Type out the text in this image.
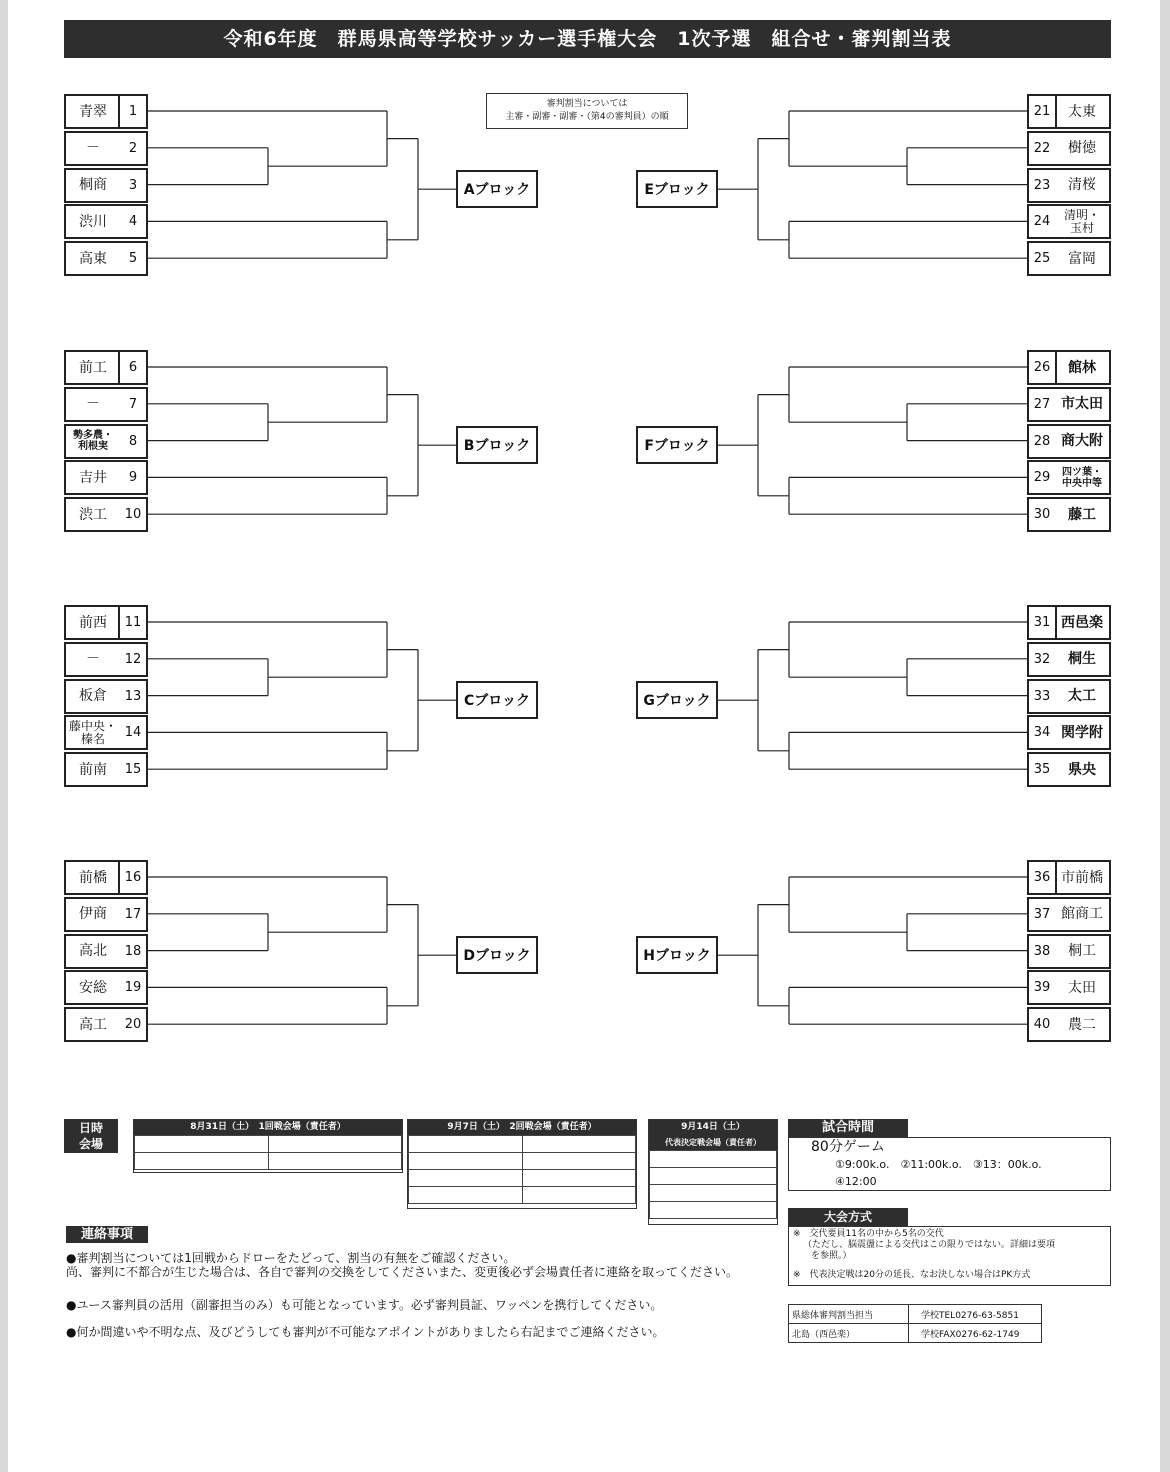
令和6年度　群馬県高等学校サッカー選手権大会　1次予選　組合せ・審判割当表
審判割当については
主審・副審・副審・（第4の審判員）の順
青翠	1	21	太東
－	2	22	樹徳
桐商	3	23	清桜
渋川	4	24	清明・
玉村
高東	5	25	富岡
前工	6	26	館林
－	7	27 市太田
勢多農・
利根実	8	28 商大附
吉井	9	29	四ツ葉・
中央中等
渋工	10	30	藤工
前西	11	31 西邑楽
－	12	32	桐生
板倉	13	33	太工
藤中央・
榛名	14	34 関学附
前南	15	35	県央
前橋	16	36 市前橋
伊商	17	37 館商工
高北	18	38	桐工
安総	19	39	太田
高工	20	40	農二
Aブロック	Eブロック
Bブロック	Fブロック
Cブロック	Gブロック
Dブロック	Hブロック
日時
会場
8月31日（土）　1回戦会場（責任者）

		9月7日（土）　2回戦会場（責任者）

		9月14日（土）
代表決定戦会場（責任者）

試合時間
80分ゲーム
①9:00k.o.　②11:00k.o.　③13：00k.o.
④12:00
大会方式
※　交代要員11名の中から5名の交代
（ただし、脳震盪による交代はこの限りではない。詳細は要項
を参照。）
※　代表決定戦は20分の延長、なお決しない場合はPK方式
県総体審判割当担当	学校TEL0276-63-5851
北島（西邑楽）	学校FAX0276-62-1749
連絡事項
●審判割当については1回戦からドローをたどって、割当の有無をご確認ください。
尚、審判に不都合が生じた場合は、各自で審判の交換をしてくださいまた、変更後必ず会場責任者に連絡を取ってください。
●ユース審判員の活用（副審担当のみ）も可能となっています。必ず審判員証、ワッペンを携行してください。
●何か間違いや不明な点、及びどうしても審判が不可能なアポイントがありましたら右記までご連絡ください。
